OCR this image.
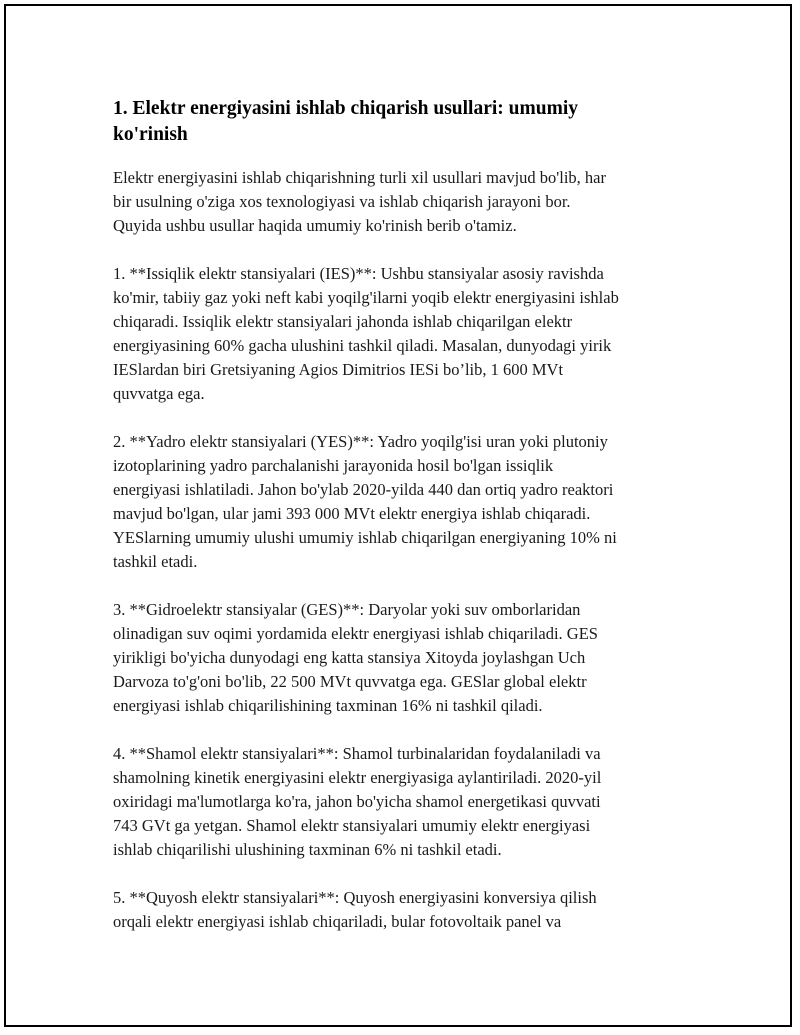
1. Elektr energiyasini ishlab chiqarish usullari: umumiy
ko'rinish
Elektr energiyasini ishlab chiqarishning turli xil usullari mavjud bo'lib, har
bir usulning o'ziga xos texnologiyasi va ishlab chiqarish jarayoni bor.
Quyida ushbu usullar haqida umumiy ko'rinish berib o'tamiz.
1. **Issiqlik elektr stansiyalari (IES)**: Ushbu stansiyalar asosiy ravishda
ko'mir, tabiiy gaz yoki neft kabi yoqilg'ilarni yoqib elektr energiyasini ishlab
chiqaradi. Issiqlik elektr stansiyalari jahonda ishlab chiqarilgan elektr
energiyasining 60% gacha ulushini tashkil qiladi. Masalan, dunyodagi yirik
IESlardan biri Gretsiyaning Agios Dimitrios IESi bo’lib, 1 600 MVt
quvvatga ega.
2. **Yadro elektr stansiyalari (YES)**: Yadro yoqilg'isi uran yoki plutoniy
izotoplarining yadro parchalanishi jarayonida hosil bo'lgan issiqlik
energiyasi ishlatiladi. Jahon bo'ylab 2020-yilda 440 dan ortiq yadro reaktori
mavjud bo'lgan, ular jami 393 000 MVt elektr energiya ishlab chiqaradi.
YESlarning umumiy ulushi umumiy ishlab chiqarilgan energiyaning 10% ni
tashkil etadi.
3. **Gidroelektr stansiyalar (GES)**: Daryolar yoki suv omborlaridan
olinadigan suv oqimi yordamida elektr energiyasi ishlab chiqariladi. GES
yirikligi bo'yicha dunyodagi eng katta stansiya Xitoyda joylashgan Uch
Darvoza to'g'oni bo'lib, 22 500 MVt quvvatga ega. GESlar global elektr
energiyasi ishlab chiqarilishining taxminan 16% ni tashkil qiladi.
4. **Shamol elektr stansiyalari**: Shamol turbinalaridan foydalaniladi va
shamolning kinetik energiyasini elektr energiyasiga aylantiriladi. 2020-yil
oxiridagi ma'lumotlarga ko'ra, jahon bo'yicha shamol energetikasi quvvati
743 GVt ga yetgan. Shamol elektr stansiyalari umumiy elektr energiyasi
ishlab chiqarilishi ulushining taxminan 6% ni tashkil etadi.
5. **Quyosh elektr stansiyalari**: Quyosh energiyasini konversiya qilish
orqali elektr energiyasi ishlab chiqariladi, bular fotovoltaik panel va
